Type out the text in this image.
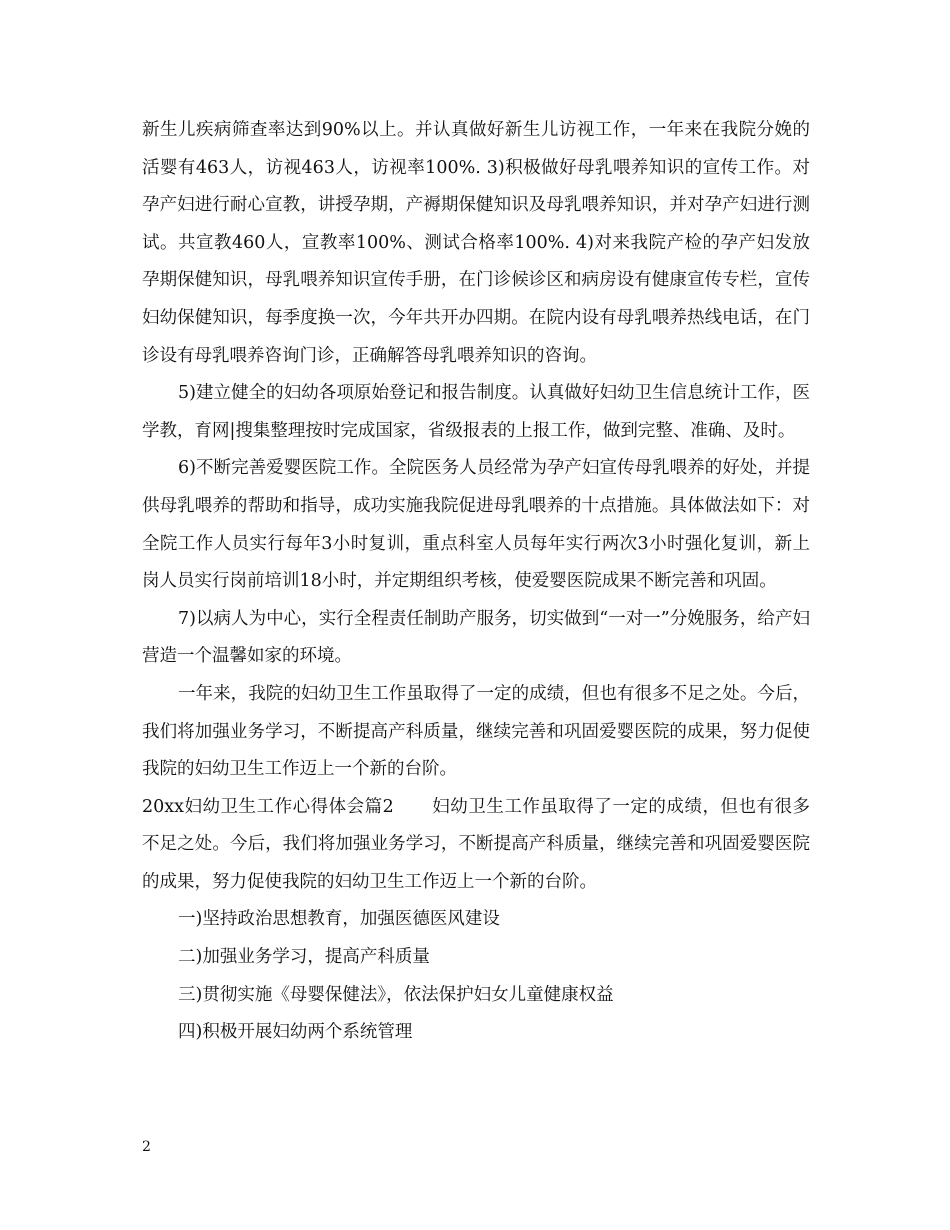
新生儿疾病筛查率达到90%以上。并认真做好新生儿访视工作，一年来在我院分娩的活婴有463人，访视463人，访视率100%. 3)积极做好母乳喂养知识的宣传工作。对孕产妇进行耐心宣教，讲授孕期，产褥期保健知识及母乳喂养知识，并对孕产妇进行测试。共宣教460人，宣教率100%、测试合格率100%. 4)对来我院产检的孕产妇发放孕期保健知识，母乳喂养知识宣传手册，在门诊候诊区和病房设有健康宣传专栏，宣传妇幼保健知识，每季度换一次，今年共开办四期。在院内设有母乳喂养热线电话，在门诊设有母乳喂养咨询门诊，正确解答母乳喂养知识的咨询。

5)建立健全的妇幼各项原始登记和报告制度。认真做好妇幼卫生信息统计工作，医学教，育网|搜集整理按时完成国家，省级报表的上报工作，做到完整、准确、及时。

6)不断完善爱婴医院工作。全院医务人员经常为孕产妇宣传母乳喂养的好处，并提供母乳喂养的帮助和指导，成功实施我院促进母乳喂养的十点措施。具体做法如下：对全院工作人员实行每年3小时复训，重点科室人员每年实行两次3小时强化复训，新上岗人员实行岗前培训18小时，并定期组织考核，使爱婴医院成果不断完善和巩固。

7)以病人为中心，实行全程责任制助产服务，切实做到“一对一”分娩服务，给产妇营造一个温馨如家的环境。

一年来，我院的妇幼卫生工作虽取得了一定的成绩，但也有很多不足之处。今后，我们将加强业务学习，不断提高产科质量，继续完善和巩固爱婴医院的成果，努力促使我院的妇幼卫生工作迈上一个新的台阶。

20xx妇幼卫生工作心得体会篇2 妇幼卫生工作虽取得了一定的成绩，但也有很多不足之处。今后，我们将加强业务学习，不断提高产科质量，继续完善和巩固爱婴医院的成果，努力促使我院的妇幼卫生工作迈上一个新的台阶。

一)坚持政治思想教育，加强医德医风建设

二)加强业务学习，提高产科质量

三)贯彻实施《母婴保健法》，依法保护妇女儿童健康权益

四)积极开展妇幼两个系统管理

2
